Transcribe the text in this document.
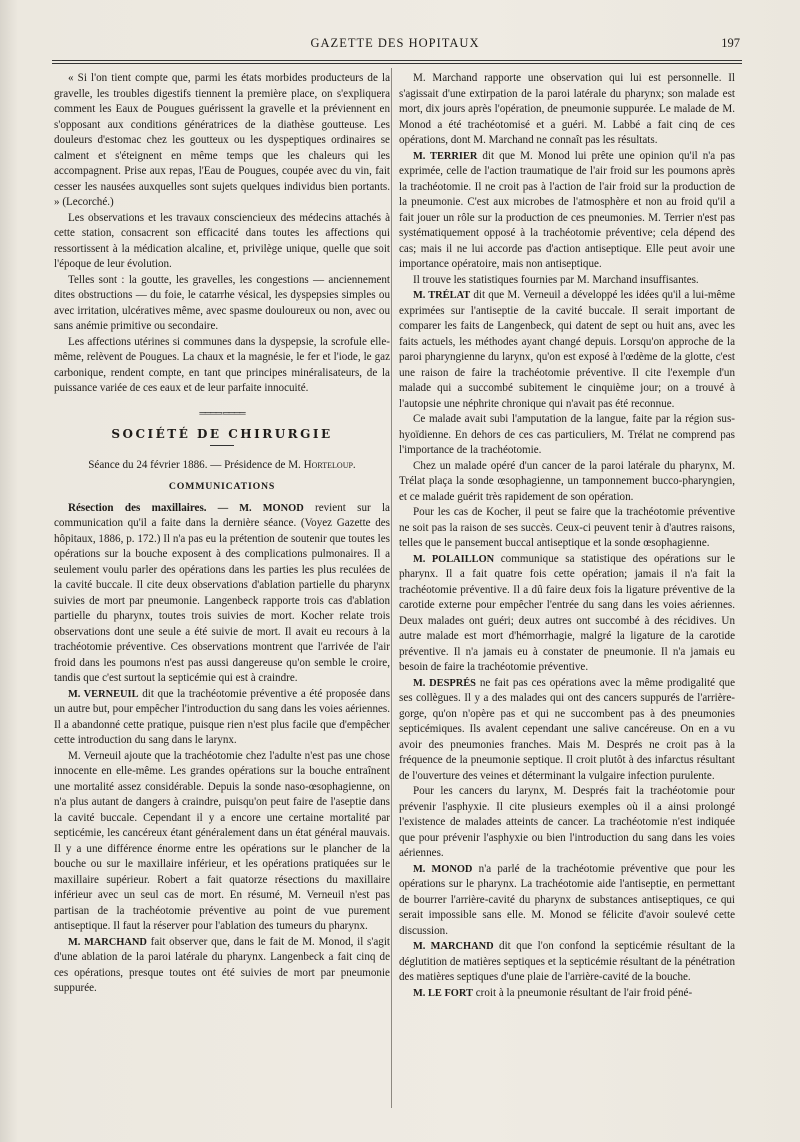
GAZETTE DES HOPITAUX	197

« Si l'on tient compte que, parmi les états morbides producteurs de la gravelle, les troubles digestifs tiennent la première place, on s'expliquera comment les Eaux de Pougues guérissent la gravelle et la préviennent en s'opposant aux conditions génératrices de la diathèse goutteuse. Les douleurs d'estomac chez les goutteux ou les dyspeptiques ordinaires se calment et s'éteignent en même temps que les chaleurs qui les accompagnent. Prise aux repas, l'Eau de Pougues, coupée avec du vin, fait cesser les nausées auxquelles sont sujets quelques individus bien portants. » (Lecorché.)

Les observations et les travaux consciencieux des médecins attachés à cette station, consacrent son efficacité dans toutes les affections qui ressortissent à la médication alcaline, et, privilège unique, quelle que soit l'époque de leur évolution.

Telles sont : la goutte, les gravelles, les congestions — anciennement dites obstructions — du foie, le catarrhe vésical, les dyspepsies simples ou avec irritation, ulcératives même, avec spasme douloureux ou non, avec ou sans anémie primitive ou secondaire.

Les affections utérines si communes dans la dyspepsie, la scrofule elle-même, relèvent de Pougues. La chaux et la magnésie, le fer et l'iode, le gaz carbonique, rendent compte, en tant que principes minéralisateurs, de la puissance variée de ces eaux et de leur parfaite innocuité.

════◦════
SOCIÉTÉ DE CHIRURGIE
Séance du 24 février 1886. — Présidence de M. Horteloup.
COMMUNICATIONS

Résection des maxillaires. — M. MONOD revient sur la communication qu'il a faite dans la dernière séance. (Voyez Gazette des hôpitaux, 1886, p. 172.) Il n'a pas eu la prétention de soutenir que toutes les opérations sur la bouche exposent à des complications pulmonaires. Il a seulement voulu parler des opérations dans les parties les plus reculées de la cavité buccale. Il cite deux observations d'ablation partielle du pharynx suivies de mort par pneumonie. Langenbeck rapporte trois cas d'ablation partielle du pharynx, toutes trois suivies de mort. Kocher relate trois observations dont une seule a été suivie de mort. Il avait eu recours à la trachéotomie préventive. Ces observations montrent que l'arrivée de l'air froid dans les poumons n'est pas aussi dangereuse qu'on semble le croire, tandis que c'est surtout la septicémie qui est à craindre.

M. VERNEUIL dit que la trachéotomie préventive a été proposée dans un autre but, pour empêcher l'introduction du sang dans les voies aériennes. Il a abandonné cette pratique, puisque rien n'est plus facile que d'empêcher cette introduction du sang dans le larynx.

M. Verneuil ajoute que la trachéotomie chez l'adulte n'est pas une chose innocente en elle-même. Les grandes opérations sur la bouche entraînent une mortalité assez considérable. Depuis la sonde naso-œsophagienne, on n'a plus autant de dangers à craindre, puisqu'on peut faire de l'aseptie dans la cavité buccale. Cependant il y a encore une certaine mortalité par septicémie, les cancéreux étant généralement dans un état général mauvais. Il y a une différence énorme entre les opérations sur le plancher de la bouche ou sur le maxillaire inférieur, et les opérations pratiquées sur le maxillaire supérieur. Robert a fait quatorze résections du maxillaire inférieur avec un seul cas de mort. En résumé, M. Verneuil n'est pas partisan de la trachéotomie préventive au point de vue purement antiseptique. Il faut la réserver pour l'ablation des tumeurs du pharynx.

M. MARCHAND fait observer que, dans le fait de M. Monod, il s'agit d'une ablation de la paroi latérale du pharynx. Langenbeck a fait cinq de ces opérations, presque toutes ont été suivies de mort par pneumonie suppurée.

M. Marchand rapporte une observation qui lui est personnelle. Il s'agissait d'une extirpation de la paroi latérale du pharynx; son malade est mort, dix jours après l'opération, de pneumonie suppurée. Le malade de M. Monod a été trachéotomisé et a guéri. M. Labbé a fait cinq de ces opérations, dont M. Marchand ne connaît pas les résultats.

M. TERRIER dit que M. Monod lui prête une opinion qu'il n'a pas exprimée, celle de l'action traumatique de l'air froid sur les poumons après la trachéotomie. Il ne croit pas à l'action de l'air froid sur la production de la pneumonie. C'est aux microbes de l'atmosphère et non au froid qu'il a fait jouer un rôle sur la production de ces pneumonies. M. Terrier n'est pas systématiquement opposé à la trachéotomie préventive; cela dépend des cas; mais il ne lui accorde pas d'action antiseptique. Elle peut avoir une importance opératoire, mais non antiseptique.

Il trouve les statistiques fournies par M. Marchand insuffisantes.

M. TRÉLAT dit que M. Verneuil a développé les idées qu'il a lui-même exprimées sur l'antiseptie de la cavité buccale. Il serait important de comparer les faits de Langenbeck, qui datent de sept ou huit ans, avec les faits actuels, les méthodes ayant changé depuis. Lorsqu'on approche de la paroi pharyngienne du larynx, qu'on est exposé à l'œdème de la glotte, c'est une raison de faire la trachéotomie préventive. Il cite l'exemple d'un malade qui a succombé subitement le cinquième jour; on a trouvé à l'autopsie une néphrite chronique qui n'avait pas été reconnue.

Ce malade avait subi l'amputation de la langue, faite par la région sus-hyoïdienne. En dehors de ces cas particuliers, M. Trélat ne comprend pas l'importance de la trachéotomie.

Chez un malade opéré d'un cancer de la paroi latérale du pharynx, M. Trélat plaça la sonde œsophagienne, un tamponnement bucco-pharyngien, et ce malade guérit très rapidement de son opération.

Pour les cas de Kocher, il peut se faire que la trachéotomie préventive ne soit pas la raison de ses succès. Ceux-ci peuvent tenir à d'autres raisons, telles que le pansement buccal antiseptique et la sonde œsophagienne.

M. POLAILLON communique sa statistique des opérations sur le pharynx. Il a fait quatre fois cette opération; jamais il n'a fait la trachéotomie préventive. Il a dû faire deux fois la ligature préventive de la carotide externe pour empêcher l'entrée du sang dans les voies aériennes. Deux malades ont guéri; deux autres ont succombé à des récidives. Un autre malade est mort d'hémorrhagie, malgré la ligature de la carotide préventive. Il n'a jamais eu à constater de pneumonie. Il n'a jamais eu besoin de faire la trachéotomie préventive.

M. DESPRÉS ne fait pas ces opérations avec la même prodigalité que ses collègues. Il y a des malades qui ont des cancers suppurés de l'arrière-gorge, qu'on n'opère pas et qui ne succombent pas à des pneumonies septicémiques. Ils avalent cependant une salive cancéreuse. On en a vu avoir des pneumonies franches. Mais M. Després ne croit pas à la fréquence de la pneumonie septique. Il croit plutôt à des infarctus résultant de l'ouverture des veines et déterminant la vulgaire infection purulente.

Pour les cancers du larynx, M. Després fait la trachéotomie pour prévenir l'asphyxie. Il cite plusieurs exemples où il a ainsi prolongé l'existence de malades atteints de cancer. La trachéotomie n'est indiquée que pour prévenir l'asphyxie ou bien l'introduction du sang dans les voies aériennes.

M. MONOD n'a parlé de la trachéotomie préventive que pour les opérations sur le pharynx. La trachéotomie aide l'antiseptie, en permettant de bourrer l'arrière-cavité du pharynx de substances antiseptiques, ce qui serait impossible sans elle. M. Monod se félicite d'avoir soulevé cette discussion.

M. MARCHAND dit que l'on confond la septicémie résultant de la déglutition de matières septiques et la septicémie résultant de la pénétration des matières septiques d'une plaie de l'arrière-cavité de la bouche.

M. LE FORT croit à la pneumonie résultant de l'air froid péné-
